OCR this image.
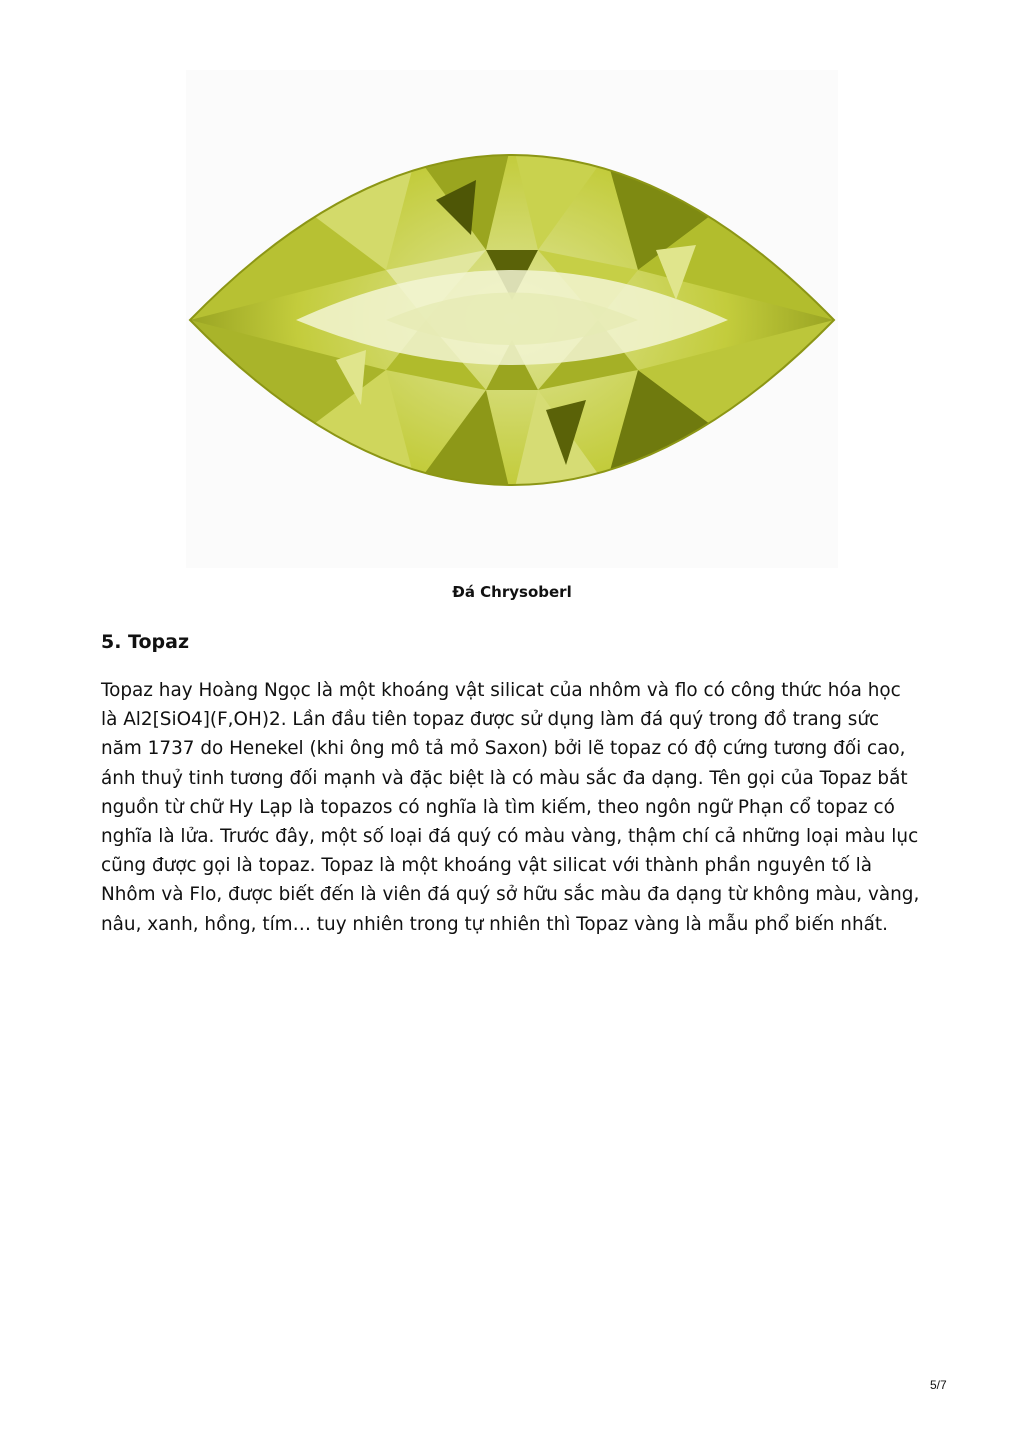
Đá Chrysoberl
5. Topaz

Topaz hay Hoàng Ngọc là một khoáng vật silicat của nhôm và flo có công thức hóa học là Al2[SiO4](F,OH)2. Lần đầu tiên topaz được sử dụng làm đá quý trong đồ trang sức năm 1737 do Henekel (khi ông mô tả mỏ Saxon) bởi lẽ topaz có độ cứng tương đối cao, ánh thuỷ tinh tương đối mạnh và đặc biệt là có màu sắc đa dạng. Tên gọi của Topaz bắt nguồn từ chữ Hy Lạp là topazos có nghĩa là tìm kiếm, theo ngôn ngữ Phạn cổ topaz có nghĩa là lửa. Trước đây, một số loại đá quý có màu vàng, thậm chí cả những loại màu lục cũng được gọi là topaz. Topaz là một khoáng vật silicat với thành phần nguyên tố là Nhôm và Flo, được biết đến là viên đá quý sở hữu sắc màu đa dạng từ không màu, vàng, nâu, xanh, hồng, tím… tuy nhiên trong tự nhiên thì Topaz vàng là mẫu phổ biến nhất.

5/7
